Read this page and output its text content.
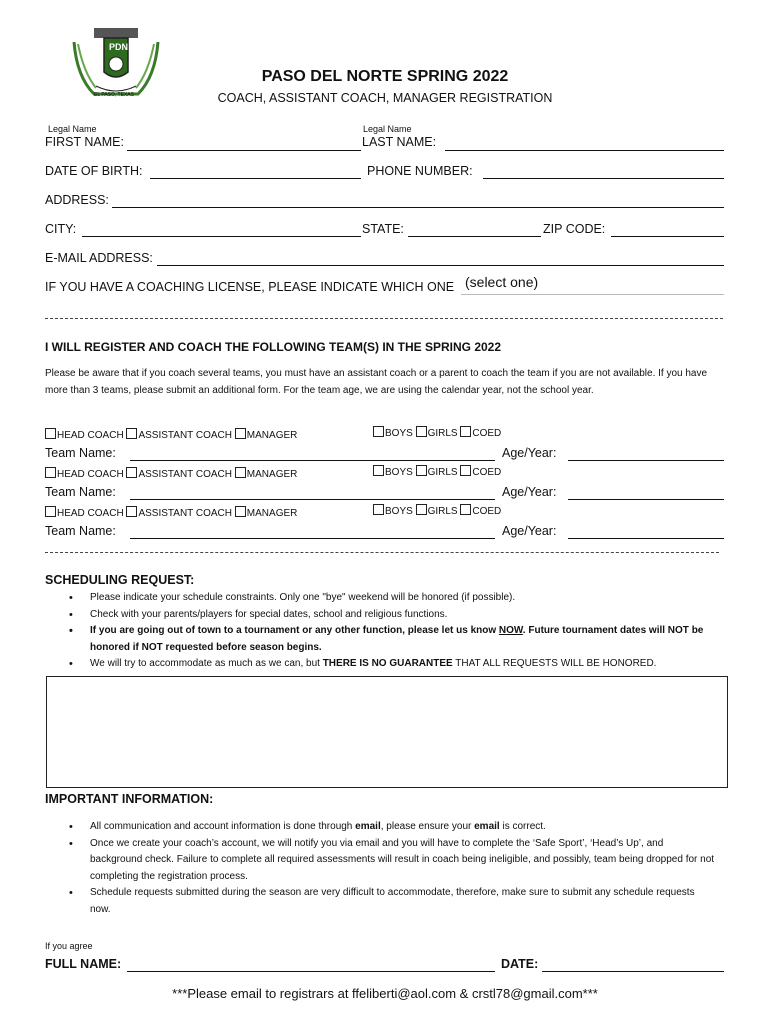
PDN
EL PASO, TEXAS
PASO DEL NORTE SPRING 2022
COACH, ASSISTANT COACH, MANAGER REGISTRATION
Legal Name	Legal Name
FIRST NAME:	LAST NAME:
DATE OF BIRTH:	PHONE NUMBER:
ADDRESS:
CITY:	STATE:	ZIP CODE:
E-MAIL ADDRESS:
IF YOU HAVE A COACHING LICENSE, PLEASE INDICATE WHICH ONE (select one)
I WILL REGISTER AND COACH THE FOLLOWING TEAM(S) IN THE SPRING 2022
Please be aware that if you coach several teams, you must have an assistant coach or a parent to coach the team if you are not available. If you have more than 3 teams, please submit an additional form. For the team age, we are using the calendar year, not the school year.
HEAD COACH ASSISTANT COACH MANAGER	BOYS GIRLS COED
Team Name:	Age/Year:
HEAD COACH ASSISTANT COACH MANAGER	BOYS GIRLS COED
Team Name:	Age/Year:
HEAD COACH ASSISTANT COACH MANAGER	BOYS GIRLS COED
Team Name:	Age/Year:
SCHEDULING REQUEST:
• Please indicate your schedule constraints. Only one "bye" weekend will be honored (if possible).
• Check with your parents/players for special dates, school and religious functions.
• If you are going out of town to a tournament or any other function, please let us know NOW. Future tournament dates will NOT be honored if NOT requested before season begins.
• We will try to accommodate as much as we can, but THERE IS NO GUARANTEE THAT ALL REQUESTS WILL BE HONORED.
IMPORTANT INFORMATION:
• All communication and account information is done through email, please ensure your email is correct.
• Once we create your coach’s account, we will notify you via email and you will have to complete the ‘Safe Sport’, ‘Head’s Up’, and background check. Failure to complete all required assessments will result in coach being ineligible, and possibly, team being dropped for not completing the registration process.
• Schedule requests submitted during the season are very difficult to accommodate, therefore, make sure to submit any schedule requests now.
If you agree
FULL NAME:	DATE:
***Please email to registrars at ffeliberti@aol.com & crstl78@gmail.com***
